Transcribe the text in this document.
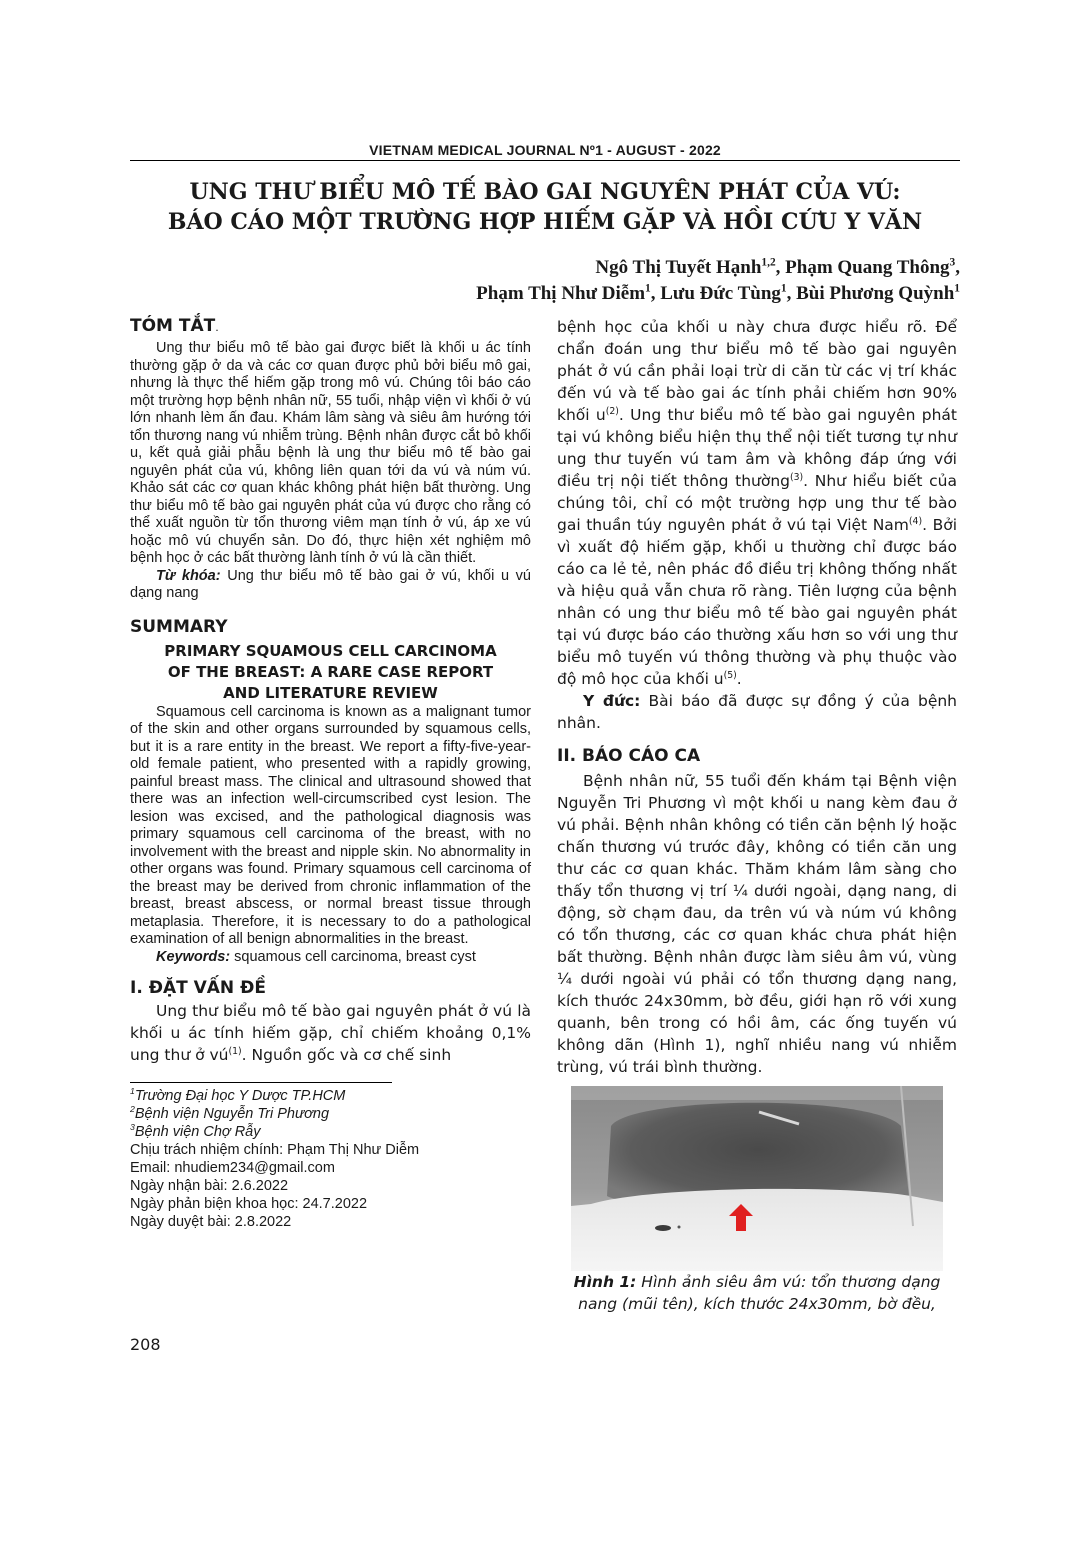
VIETNAM MEDICAL JOURNAL Nº1 - AUGUST - 2022
UNG THƯ BIỂU MÔ TẾ BÀO GAI NGUYÊN PHÁT CỦA VÚ:
BÁO CÁO MỘT TRƯỜNG HỢP HIẾM GẶP VÀ HỒI CỨU Y VĂN
Ngô Thị Tuyết Hạnh$^{1,2}$, Phạm Quang Thông$^3$,
Phạm Thị Như Diễm$^1$, Lưu Đức Tùng$^1$, Bùi Phương Quỳnh$^1$
TÓM TẮT.

Ung thư biểu mô tế bào gai được biết là khối u ác tính thường gặp ở da và các cơ quan được phủ bởi biểu mô gai, nhưng là thực thể hiếm gặp trong mô vú. Chúng tôi báo cáo một trường hợp bệnh nhân nữ, 55 tuổi, nhập viện vì khối ở vú lớn nhanh lèm ấn đau. Khám lâm sàng và siêu âm hướng tới tổn thương nang vú nhiễm trùng. Bệnh nhân được cắt bỏ khối u, kết quả giải phẫu bệnh là ung thư biểu mô tế bào gai nguyên phát của vú, không liên quan tới da vú và núm vú. Khảo sát các cơ quan khác không phát hiện bất thường. Ung thư biểu mô tế bào gai nguyên phát của vú được cho rằng có thể xuất nguồn từ tổn thương viêm mạn tính ở vú, áp xe vú hoặc mô vú chuyển sản. Do đó, thực hiện xét nghiệm mô bệnh học ở các bất thường lành tính ở vú là cần thiết.

Từ khóa: Ung thư biểu mô tế bào gai ở vú, khối u vú dạng nang

SUMMARY
PRIMARY SQUAMOUS CELL CARCINOMA
OF THE BREAST: A RARE CASE REPORT
AND LITERATURE REVIEW

Squamous cell carcinoma is known as a malignant tumor of the skin and other organs surrounded by squamous cells, but it is a rare entity in the breast. We report a fifty-five-year-old female patient, who presented with a rapidly growing, painful breast mass. The clinical and ultrasound showed that there was an infection well-circumscribed cyst lesion. The lesion was excised, and the pathological diagnosis was primary squamous cell carcinoma of the breast, with no involvement with the breast and nipple skin. No abnormality in other organs was found. Primary squamous cell carcinoma of the breast may be derived from chronic inflammation of the breast, breast abscess, or normal breast tissue through metaplasia. Therefore, it is necessary to do a pathological examination of all benign abnormalities in the breast.

Keywords: squamous cell carcinoma, breast cyst

I. ĐẶT VẤN ĐỀ

Ung thư biểu mô tế bào gai nguyên phát ở vú là khối u ác tính hiếm gặp, chỉ chiếm khoảng 0,1% ung thư ở $vú^{(1)}$. Nguồn gốc và cơ chế sinh

$^1$Trường Đại học Y Dược TP.HCM
$^2$Bệnh viện Nguyễn Tri Phương
$^3$Bệnh viện Chợ Rẫy
Chịu trách nhiệm chính: Phạm Thị Như Diễm
Email: nhudiem234@gmail.com
Ngày nhận bài: 2.6.2022
Ngày phản biện khoa học: 24.7.2022
Ngày duyệt bài: 2.8.2022

bệnh học của khối u này chưa được hiểu rõ. Để chẩn đoán ung thư biểu mô tế bào gai nguyên phát ở vú cần phải loại trừ di căn từ các vị trí khác đến vú và tế bào gai ác tính phải chiếm hơn 90% khối $u^{(2)}$. Ung thư biểu mô tế bào gai nguyên phát tại vú không biểu hiện thụ thể nội tiết tương tự như ung thư tuyến vú tam âm và không đáp ứng với điều trị nội tiết thông thường$^{(3)}$. Như hiểu biết của chúng tôi, chỉ có một trường hợp ung thư tế bào gai thuần túy nguyên phát ở vú tại Việt Nam$^{(4)}$. Bởi vì xuất độ hiếm gặp, khối u thường chỉ được báo cáo ca lẻ tẻ, nên phác đồ điều trị không thống nhất và hiệu quả vẫn chưa rõ ràng. Tiên lượng của bệnh nhân có ung thư biểu mô tế bào gai nguyên phát tại vú được báo cáo thường xấu hơn so với ung thư biểu mô tuyến vú thông thường và phụ thuộc vào độ mô học của khối $u^{(5)}$.

Y đức: Bài báo đã được sự đồng ý của bệnh nhân.

II. BÁO CÁO CA

Bệnh nhân nữ, 55 tuổi đến khám tại Bệnh viện Nguyễn Tri Phương vì một khối u nang kèm đau ở vú phải. Bệnh nhân không có tiền căn bệnh lý hoặc chấn thương vú trước đây, không có tiền căn ung thư các cơ quan khác. Thăm khám lâm sàng cho thấy tổn thương vị trí ¼ dưới ngoài, dạng nang, di động, sờ chạm đau, da trên vú và núm vú không có tổn thương, các cơ quan khác chưa phát hiện bất thường. Bệnh nhân được làm siêu âm vú, vùng ¼ dưới ngoài vú phải có tổn thương dạng nang, kích thước 24x30mm, bờ đều, giới hạn rõ với xung quanh, bên trong có hồi âm, các ống tuyến vú không dãn (Hình 1), nghĩ nhiều nang vú nhiễm trùng, vú trái bình thường.

Hình 1: Hình ảnh siêu âm vú: tổn thương dạng nang (mũi tên), kích thước 24x30mm, bờ đều,
208
